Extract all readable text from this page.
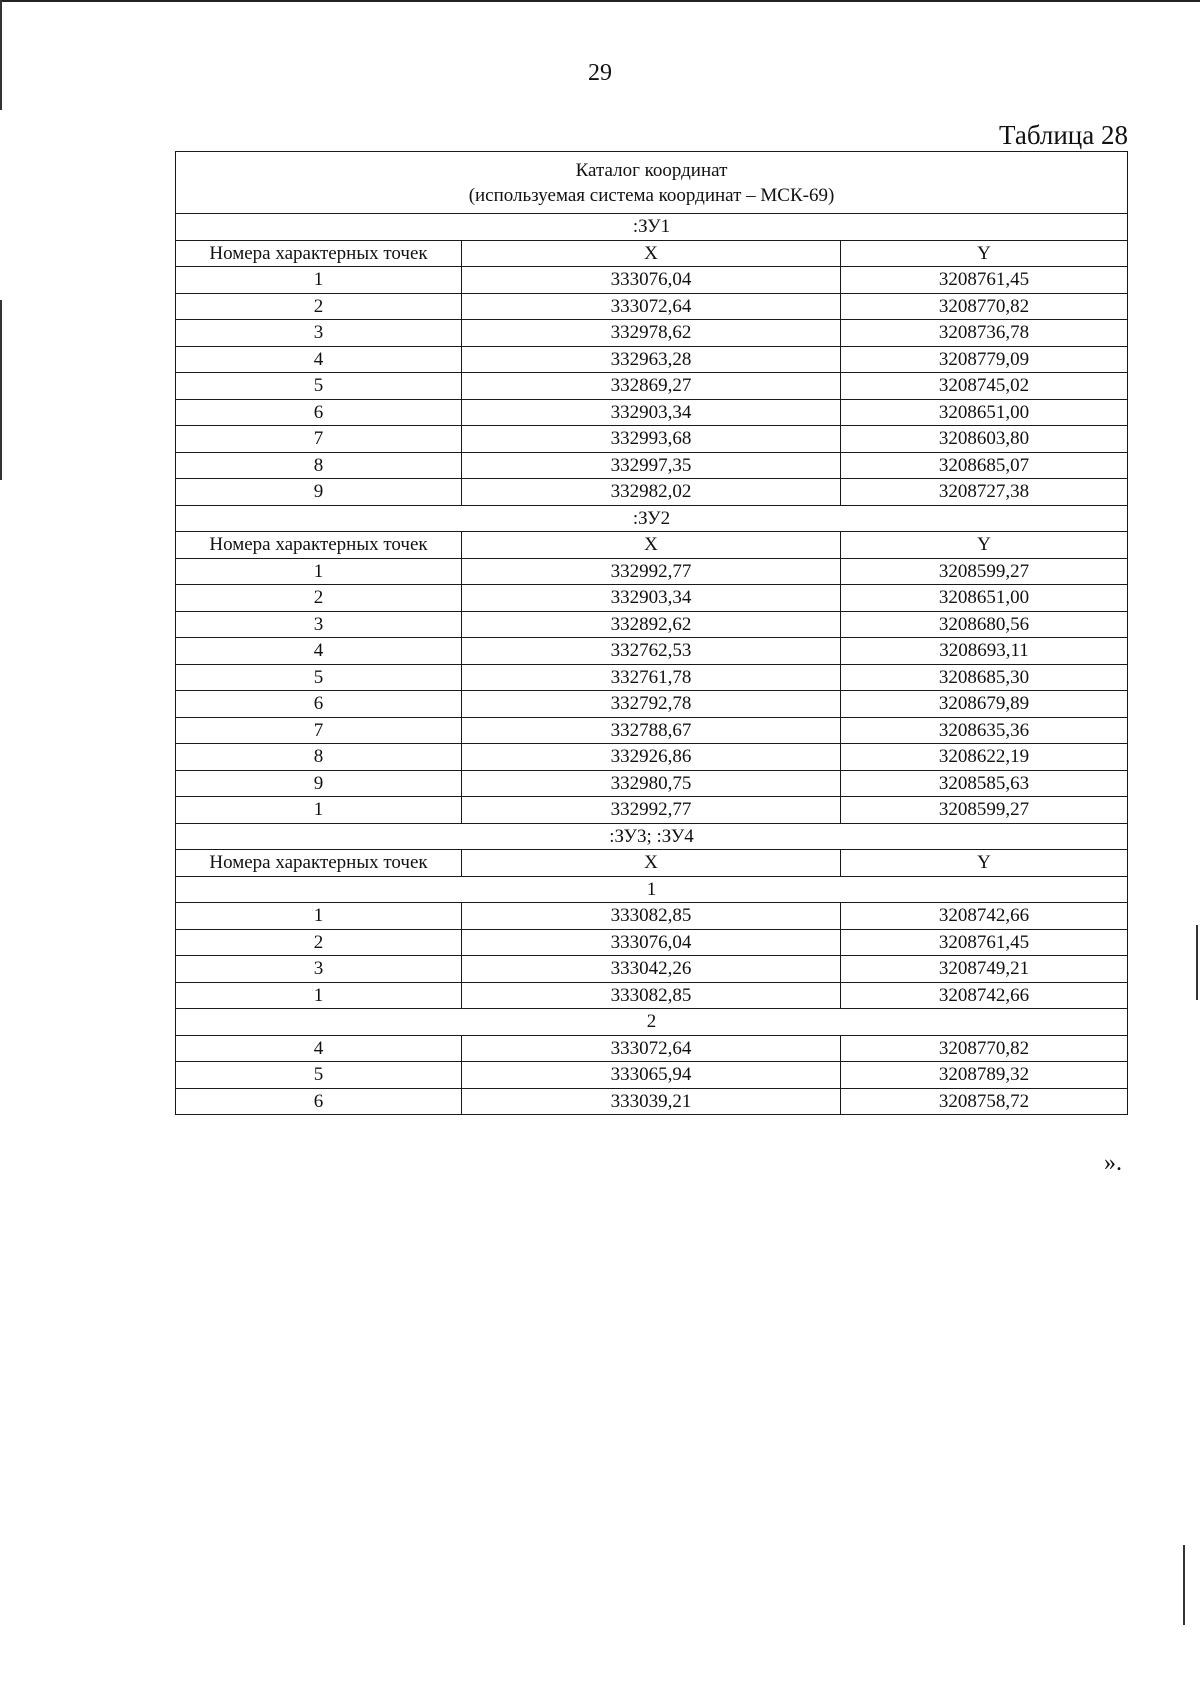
29
Таблица 28
Каталог координат
(используемая система координат – МСК-69)		

:ЗУ1		
Номера характерных точек	X	Y
1	333076,04	3208761,45
2	333072,64	3208770,82
3	332978,62	3208736,78
4	332963,28	3208779,09
5	332869,27	3208745,02
6	332903,34	3208651,00
7	332993,68	3208603,80
8	332997,35	3208685,07
9	332982,02	3208727,38
:ЗУ2		
Номера характерных точек	X	Y
1	332992,77	3208599,27
2	332903,34	3208651,00
3	332892,62	3208680,56
4	332762,53	3208693,11
5	332761,78	3208685,30
6	332792,78	3208679,89
7	332788,67	3208635,36
8	332926,86	3208622,19
9	332980,75	3208585,63
1	332992,77	3208599,27
:ЗУ3; :ЗУ4		
Номера характерных точек	X	Y
1		
1	333082,85	3208742,66
2	333076,04	3208761,45
3	333042,26	3208749,21
1	333082,85	3208742,66
2		
4	333072,64	3208770,82
5	333065,94	3208789,32
6	333039,21	3208758,72
».
